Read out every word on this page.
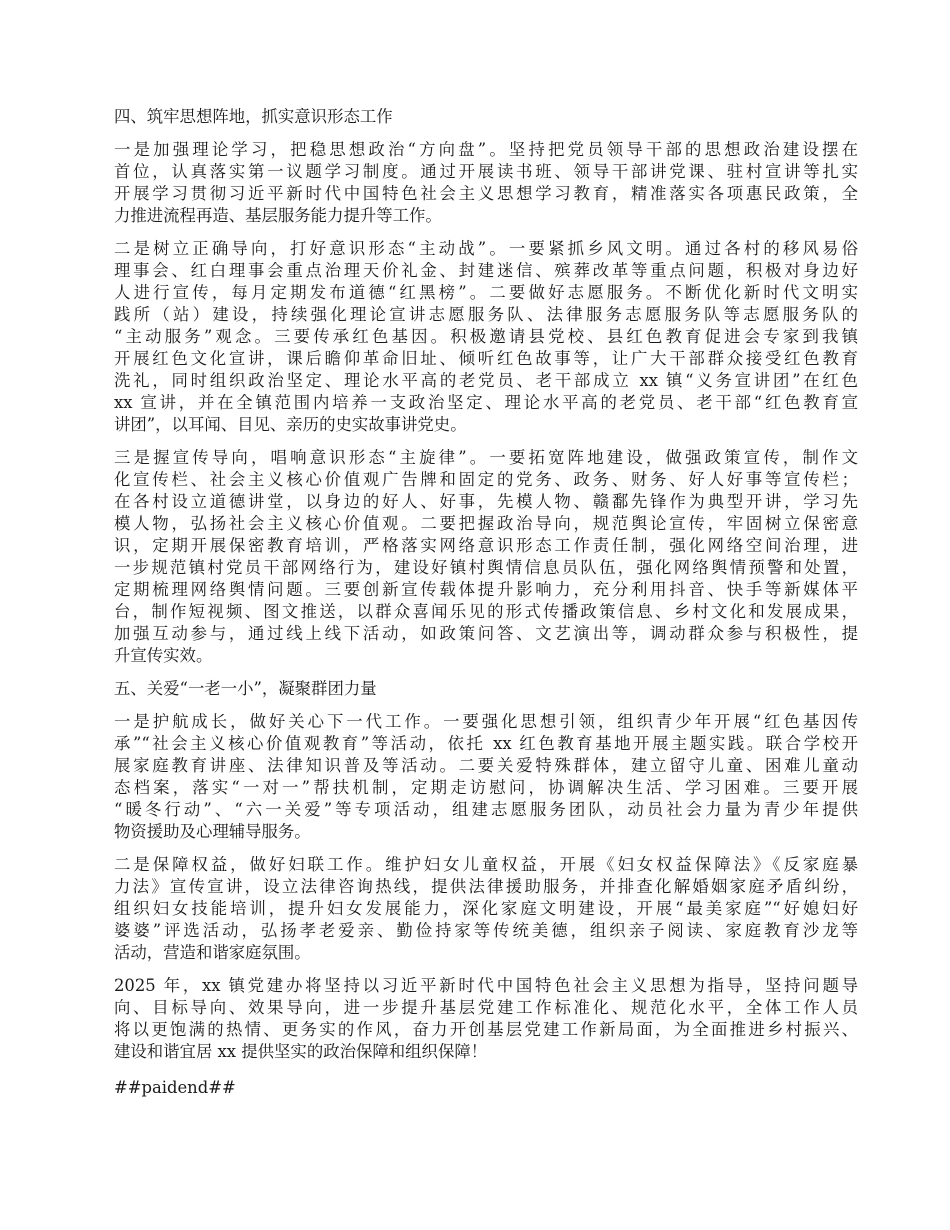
四、筑牢思想阵地，抓实意识形态工作
一是加强理论学习，把稳思想政治“方向盘”。坚持把党员领导干部的思想政治建设摆在
首位，认真落实第一议题学习制度。通过开展读书班、领导干部讲党课、驻村宣讲等扎实
开展学习贯彻习近平新时代中国特色社会主义思想学习教育，精准落实各项惠民政策，全
力推进流程再造、基层服务能力提升等工作。
二是树立正确导向，打好意识形态“主动战”。一要紧抓乡风文明。通过各村的移风易俗
理事会、红白理事会重点治理天价礼金、封建迷信、殡葬改革等重点问题，积极对身边好
人进行宣传，每月定期发布道德“红黑榜”。二要做好志愿服务。不断优化新时代文明实
践所（站）建设，持续强化理论宣讲志愿服务队、法律服务志愿服务队等志愿服务队的
“主动服务”观念。三要传承红色基因。积极邀请县党校、县红色教育促进会专家到我镇
开展红色文化宣讲，课后瞻仰革命旧址、倾听红色故事等，让广大干部群众接受红色教育
洗礼，同时组织政治坚定、理论水平高的老党员、老干部成立 xx 镇“义务宣讲团”在红色
xx 宣讲，并在全镇范围内培养一支政治坚定、理论水平高的老党员、老干部“红色教育宣
讲团”，以耳闻、目见、亲历的史实故事讲党史。
三是握宣传导向，唱响意识形态“主旋律”。一要拓宽阵地建设，做强政策宣传，制作文
化宣传栏、社会主义核心价值观广告牌和固定的党务、政务、财务、好人好事等宣传栏；
在各村设立道德讲堂，以身边的好人、好事，先模人物、赣鄱先锋作为典型开讲，学习先
模人物，弘扬社会主义核心价值观。二要把握政治导向，规范舆论宣传，牢固树立保密意
识，定期开展保密教育培训，严格落实网络意识形态工作责任制，强化网络空间治理，进
一步规范镇村党员干部网络行为，建设好镇村舆情信息员队伍，强化网络舆情预警和处置，
定期梳理网络舆情问题。三要创新宣传载体提升影响力，充分利用抖音、快手等新媒体平
台，制作短视频、图文推送，以群众喜闻乐见的形式传播政策信息、乡村文化和发展成果，
加强互动参与，通过线上线下活动，如政策问答、文艺演出等，调动群众参与积极性，提
升宣传实效。
五、关爱“一老一小”，凝聚群团力量
一是护航成长，做好关心下一代工作。一要强化思想引领，组织青少年开展“红色基因传
承”“社会主义核心价值观教育”等活动，依托 xx 红色教育基地开展主题实践。联合学校开
展家庭教育讲座、法律知识普及等活动。二要关爱特殊群体，建立留守儿童、困难儿童动
态档案，落实“一对一”帮扶机制，定期走访慰问，协调解决生活、学习困难。三要开展
“暖冬行动”、“六一关爱”等专项活动，组建志愿服务团队，动员社会力量为青少年提供
物资援助及心理辅导服务。
二是保障权益，做好妇联工作。维护妇女儿童权益，开展《妇女权益保障法》《反家庭暴
力法》宣传宣讲，设立法律咨询热线，提供法律援助服务，并排查化解婚姻家庭矛盾纠纷，
组织妇女技能培训，提升妇女发展能力，深化家庭文明建设，开展“最美家庭”“好媳妇好
婆婆”评选活动，弘扬孝老爱亲、勤俭持家等传统美德，组织亲子阅读、家庭教育沙龙等
活动，营造和谐家庭氛围。
2025 年，xx 镇党建办将坚持以习近平新时代中国特色社会主义思想为指导，坚持问题导
向、目标导向、效果导向，进一步提升基层党建工作标准化、规范化水平，全体工作人员
将以更饱满的热情、更务实的作风，奋力开创基层党建工作新局面，为全面推进乡村振兴、
建设和谐宜居 xx 提供坚实的政治保障和组织保障！
##paidend##
